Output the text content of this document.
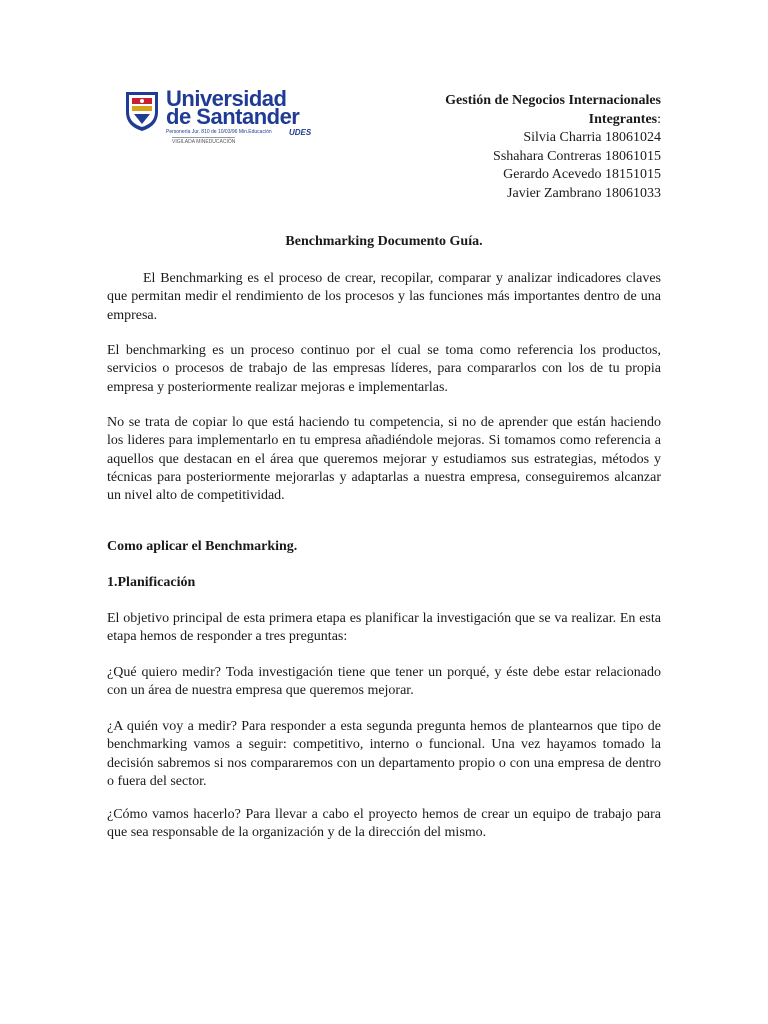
Universidad
de Santander
Personería Jur. 810 de 10/03/96 Min.Educación
VIGILADA MINEDUCACIÓN
UDES
Gestión de Negocios Internacionales
Integrantes:
Silvia Charria 18061024
Sshahara Contreras 18061015
Gerardo Acevedo 18151015
Javier Zambrano 18061033
Benchmarking Documento Guía.

El Benchmarking es el proceso de crear, recopilar, comparar y analizar indicadores claves que permitan medir el rendimiento de los procesos y las funciones más importantes dentro de una empresa.

El benchmarking es un proceso continuo por el cual se toma como referencia los productos, servicios o procesos de trabajo de las empresas líderes, para compararlos con los de tu propia empresa y posteriormente realizar mejoras e implementarlas.

No se trata de copiar lo que está haciendo tu competencia, si no de aprender que están haciendo los lideres para implementarlo en tu empresa añadiéndole mejoras. Si tomamos como referencia a aquellos que destacan en el área que queremos mejorar y estudiamos sus estrategias, métodos y técnicas para posteriormente mejorarlas y adaptarlas a nuestra empresa, conseguiremos alcanzar un nivel alto de competitividad.

Como aplicar el Benchmarking.

1.Planificación

El objetivo principal de esta primera etapa es planificar la investigación que se va realizar. En esta etapa hemos de responder a tres preguntas:

¿Qué quiero medir? Toda investigación tiene que tener un porqué, y éste debe estar relacionado con un área de nuestra empresa que queremos mejorar.

¿A quién voy a medir? Para responder a esta segunda pregunta hemos de plantearnos que tipo de benchmarking vamos a seguir: competitivo, interno o funcional. Una vez hayamos tomado la decisión sabremos si nos compararemos con un departamento propio o con una empresa de dentro o fuera del sector.

¿Cómo vamos hacerlo? Para llevar a cabo el proyecto hemos de crear un equipo de trabajo para que sea responsable de la organización y de la dirección del mismo.
